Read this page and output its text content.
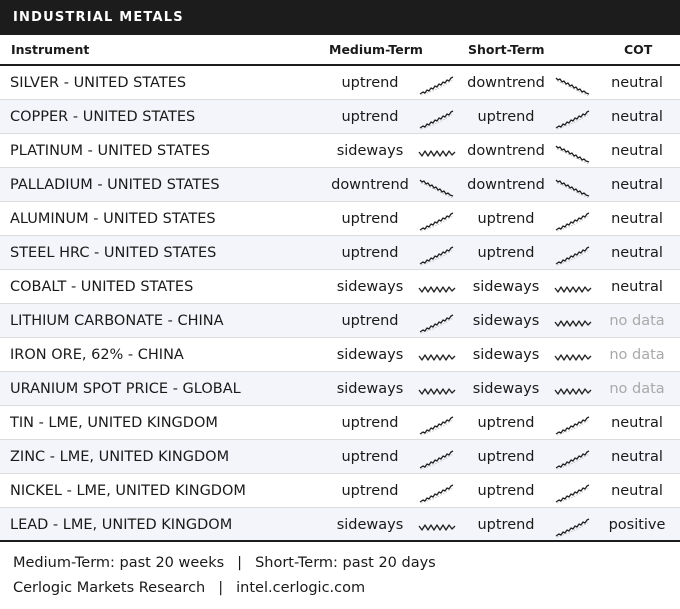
INDUSTRIAL METALS
Instrument	Medium-Term	Short-Term	COT
SILVER - UNITED STATES	uptrend	downtrend	neutral
COPPER - UNITED STATES	uptrend	uptrend	neutral
PLATINUM - UNITED STATES	sideways	downtrend	neutral
PALLADIUM - UNITED STATES	downtrend	downtrend	neutral
ALUMINUM - UNITED STATES	uptrend	uptrend	neutral
STEEL HRC - UNITED STATES	uptrend	uptrend	neutral
COBALT - UNITED STATES	sideways	sideways	neutral
LITHIUM CARBONATE - CHINA	uptrend	sideways	no data
IRON ORE, 62% - CHINA	sideways	sideways	no data
URANIUM SPOT PRICE - GLOBAL	sideways	sideways	no data
TIN - LME, UNITED KINGDOM	uptrend	uptrend	neutral
ZINC - LME, UNITED KINGDOM	uptrend	uptrend	neutral
NICKEL - LME, UNITED KINGDOM	uptrend	uptrend	neutral
LEAD - LME, UNITED KINGDOM	sideways	uptrend	positive
Medium-Term: past 20 weeks | Short-Term: past 20 days
Cerlogic Markets Research | intel.cerlogic.com
